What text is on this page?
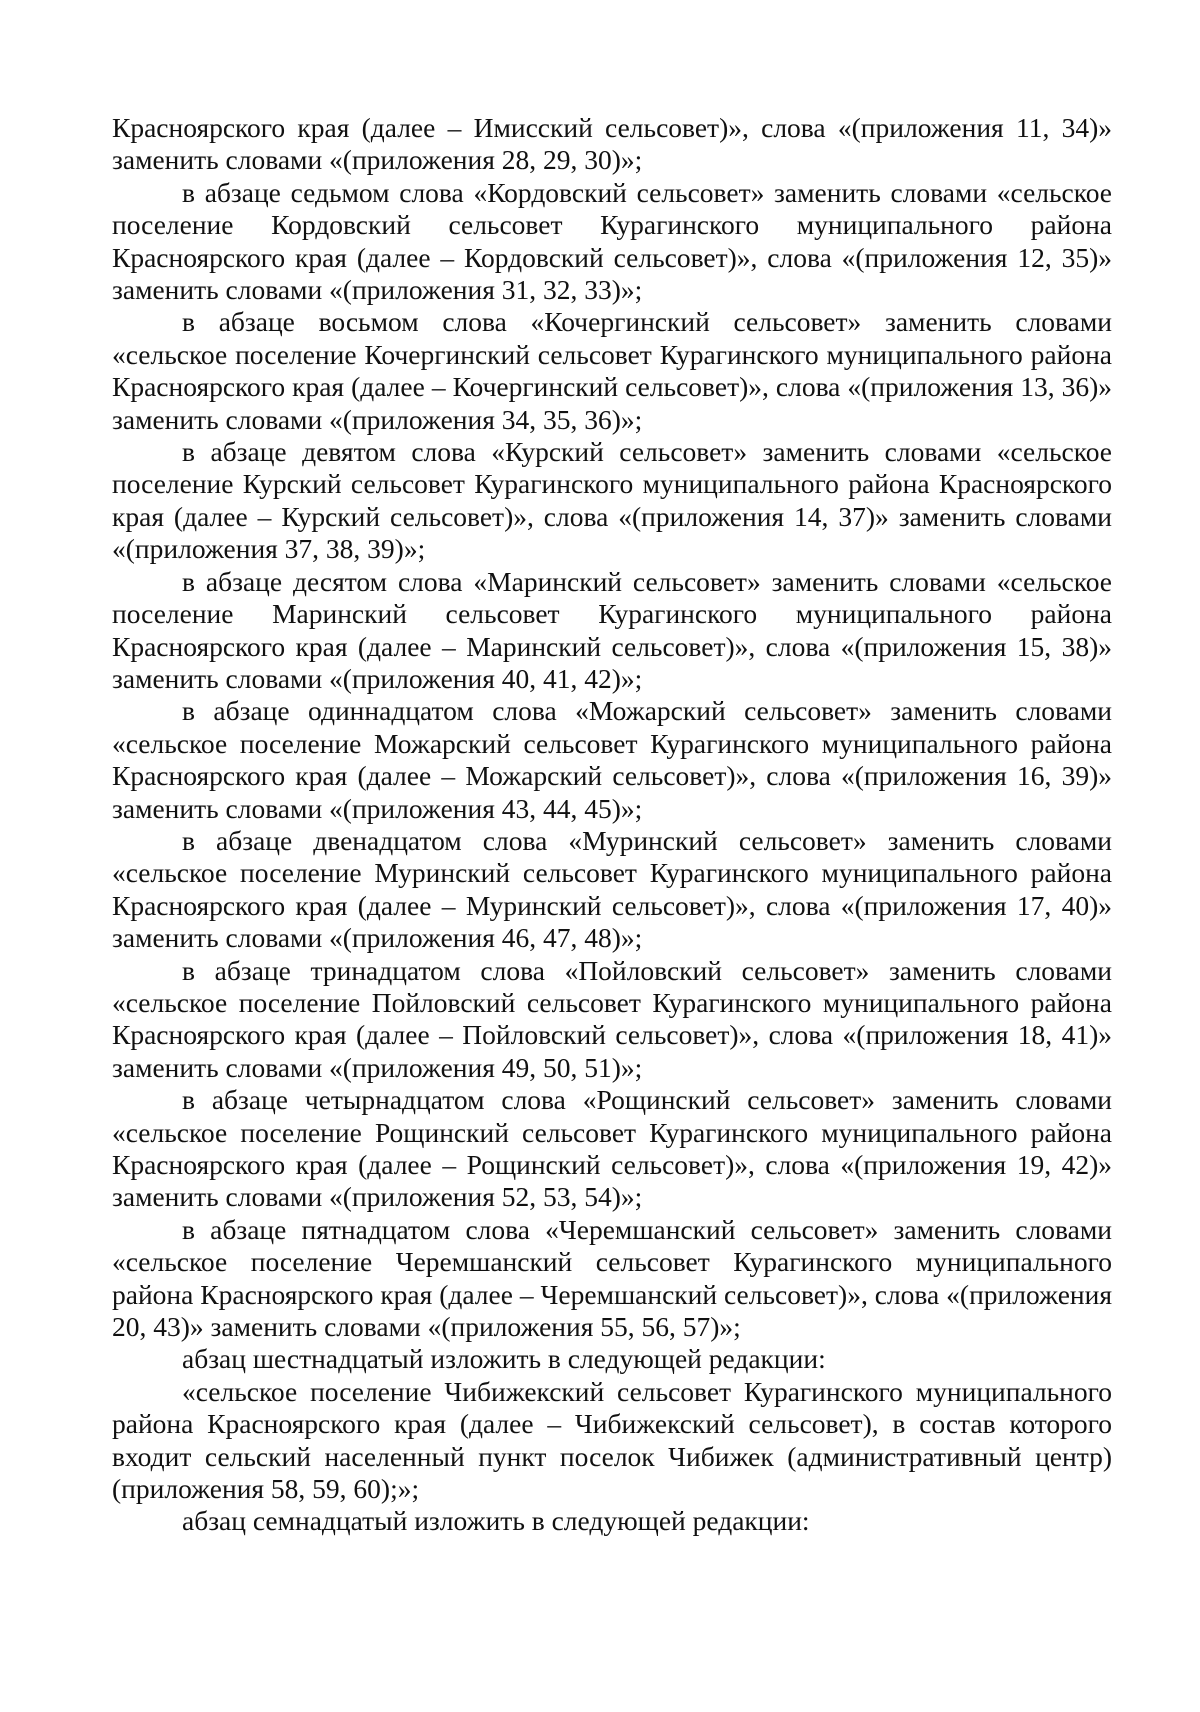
Красноярского края (далее – Имисский сельсовет)», слова «(приложения 11, 34)» заменить словами «(приложения 28, 29, 30)»;

в абзаце седьмом слова «Кордовский сельсовет» заменить словами «сельское поселение Кордовский сельсовет Курагинского муниципального района Красноярского края (далее – Кордовский сельсовет)», слова «(приложения 12, 35)» заменить словами «(приложения 31, 32, 33)»;

в абзаце восьмом слова «Кочергинский сельсовет» заменить словами «сельское поселение Кочергинский сельсовет Курагинского муниципального района Красноярского края (далее – Кочергинский сельсовет)», слова «(приложения 13, 36)» заменить словами «(приложения 34, 35, 36)»;

в абзаце девятом слова «Курский сельсовет» заменить словами «сельское поселение Курский сельсовет Курагинского муниципального района Красноярского края (далее – Курский сельсовет)», слова «(приложения 14, 37)» заменить словами «(приложения 37, 38, 39)»;

в абзаце десятом слова «Маринский сельсовет» заменить словами «сельское поселение Маринский сельсовет Курагинского муниципального района Красноярского края (далее – Маринский сельсовет)», слова «(приложения 15, 38)» заменить словами «(приложения 40, 41, 42)»;

в абзаце одиннадцатом слова «Можарский сельсовет» заменить словами «сельское поселение Можарский сельсовет Курагинского муниципального района Красноярского края (далее – Можарский сельсовет)», слова «(приложения 16, 39)» заменить словами «(приложения 43, 44, 45)»;

в абзаце двенадцатом слова «Муринский сельсовет» заменить словами «сельское поселение Муринский сельсовет Курагинского муниципального района Красноярского края (далее – Муринский сельсовет)», слова «(приложения 17, 40)» заменить словами «(приложения 46, 47, 48)»;

в абзаце тринадцатом слова «Пойловский сельсовет» заменить словами «сельское поселение Пойловский сельсовет Курагинского муниципального района Красноярского края (далее – Пойловский сельсовет)», слова «(приложения 18, 41)» заменить словами «(приложения 49, 50, 51)»;

в абзаце четырнадцатом слова «Рощинский сельсовет» заменить словами «сельское поселение Рощинский сельсовет Курагинского муниципального района Красноярского края (далее – Рощинский сельсовет)», слова «(приложения 19, 42)» заменить словами «(приложения 52, 53, 54)»;

в абзаце пятнадцатом слова «Черемшанский сельсовет» заменить словами «сельское поселение Черемшанский сельсовет Курагинского муниципального района Красноярского края (далее – Черемшанский сельсовет)», слова «(приложения 20, 43)» заменить словами «(приложения 55, 56, 57)»;

абзац шестнадцатый изложить в следующей редакции:

«сельское поселение Чибижекский сельсовет Курагинского муниципального района Красноярского края (далее – Чибижекский сельсовет), в состав которого входит сельский населенный пункт поселок Чибижек (административный центр) (приложения 58, 59, 60);»;

абзац семнадцатый изложить в следующей редакции:
